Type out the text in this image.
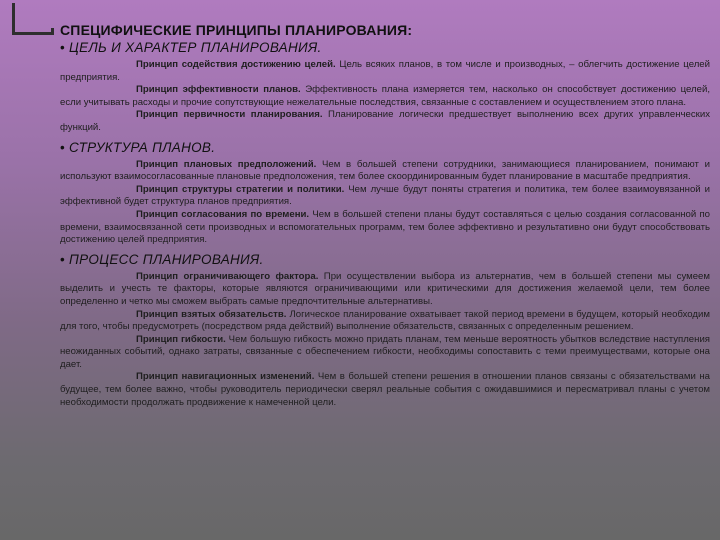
СПЕЦИФИЧЕСКИЕ ПРИНЦИПЫ ПЛАНИРОВАНИЯ:
• ЦЕЛЬ И ХАРАКТЕР ПЛАНИРОВАНИЯ.

Принцип содействия достижению целей. Цель всяких планов, в том числе и производных, – облегчить достижение целей предприятия.

Принцип эффективности планов. Эффективность плана измеряется тем, насколько он способствует достижению целей, если учитывать расходы и прочие сопутствующие нежелательные последствия, связанные с составлением и осуществлением этого плана.

Принцип первичности планирования. Планирование логически предшествует выполнению всех других управленческих функций.

• СТРУКТУРА ПЛАНОВ.

Принцип плановых предположений. Чем в большей степени сотрудники, занимающиеся планированием, понимают и используют взаимосогласованные плановые предположения, тем более скоординированным будет планирование в масштабе предприятия.

Принцип структуры стратегии и политики. Чем лучше будут поняты стратегия и политика, тем более взаимоувязанной и эффективной будет структура планов предприятия.

Принцип согласования по времени. Чем в большей степени планы будут составляться с целью создания согласованной по времени, взаимосвязанной сети производных и вспомогательных программ, тем более эффективно и результативно они будут способствовать достижению целей предприятия.

• ПРОЦЕСС ПЛАНИРОВАНИЯ.

Принцип ограничивающего фактора. При осуществлении выбора из альтернатив, чем в большей степени мы сумеем выделить и учесть те факторы, которые являются ограничивающими или критическими для достижения желаемой цели, тем более определенно и четко мы сможем выбрать самые предпочтительные альтернативы.

Принцип взятых обязательств. Логическое планирование охватывает такой период времени в будущем, который необходим для того, чтобы предусмотреть (посредством ряда действий) выполнение обязательств, связанных с определенным решением.

Принцип гибкости. Чем большую гибкость можно придать планам, тем меньше вероятность убытков вследствие наступления неожиданных событий, однако затраты, связанные с обеспечением гибкости, необходимы сопоставить с теми преимуществами, которые она дает.

Принцип навигационных изменений. Чем в большей степени решения в отношении планов связаны с обязательствами на будущее, тем более важно, чтобы руководитель периодически сверял реальные события с ожидавшимися и пересматривал планы с учетом необходимости продолжать продвижение к намеченной цели.
